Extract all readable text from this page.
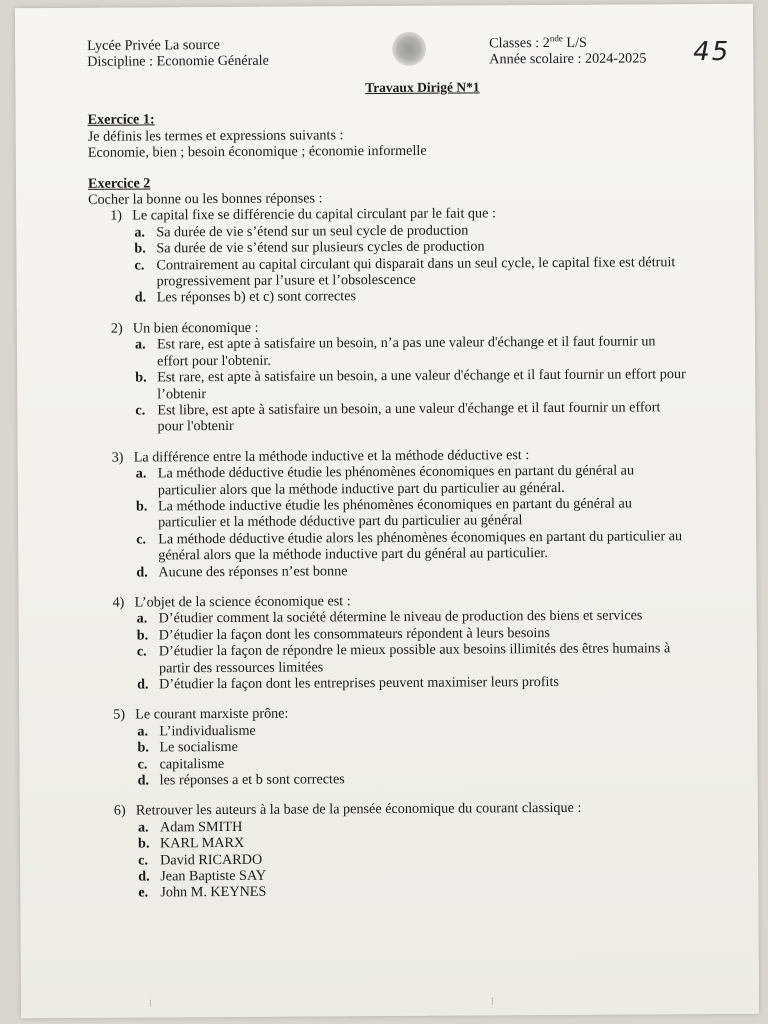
Lycée Privée La source
Discipline : Economie Générale
Classes : 2nde L/S
Année scolaire : 2024-2025 45
Travaux Dirigé N*1
Exercice 1:
Je définis les termes et expressions suivants :
Economie, bien ; besoin économique ; économie informelle
Exercice 2
Cocher la bonne ou les bonnes réponses :
1) Le capital fixe se différencie du capital circulant par le fait que :
a. Sa durée de vie s’étend sur un seul cycle de production
b. Sa durée de vie s’étend sur plusieurs cycles de production
c. Contrairement au capital circulant qui disparait dans un seul cycle, le capital fixe est détruit progressivement par l’usure et l’obsolescence
d. Les réponses b) et c) sont correctes
2) Un bien économique :
a. Est rare, est apte à satisfaire un besoin, n’a pas une valeur d'échange et il faut fournir un effort pour l'obtenir.
b. Est rare, est apte à satisfaire un besoin, a une valeur d'échange et il faut fournir un effort pour l’obtenir
c. Est libre, est apte à satisfaire un besoin, a une valeur d'échange et il faut fournir un effort pour l'obtenir
3) La différence entre la méthode inductive et la méthode déductive est :
a. La méthode déductive étudie les phénomènes économiques en partant du général au particulier alors que la méthode inductive part du particulier au général.
b. La méthode inductive étudie les phénomènes économiques en partant du général au particulier et la méthode déductive part du particulier au général
c. La méthode déductive étudie alors les phénomènes économiques en partant du particulier au général alors que la méthode inductive part du général au particulier.
d. Aucune des réponses n’est bonne
4) L’objet de la science économique est :
a. D’étudier comment la société détermine le niveau de production des biens et services
b. D’étudier la façon dont les consommateurs répondent à leurs besoins
c. D’étudier la façon de répondre le mieux possible aux besoins illimités des êtres humains à partir des ressources limitées
d. D’étudier la façon dont les entreprises peuvent maximiser leurs profits
5) Le courant marxiste prône:
a. L’individualisme
b. Le socialisme
c. capitalisme
d. les réponses a et b sont correctes
6) Retrouver les auteurs à la base de la pensée économique du courant classique :
a. Adam SMITH
b. KARL MARX
c. David RICARDO
d. Jean Baptiste SAY
e. John M. KEYNES
⁞	⁞
